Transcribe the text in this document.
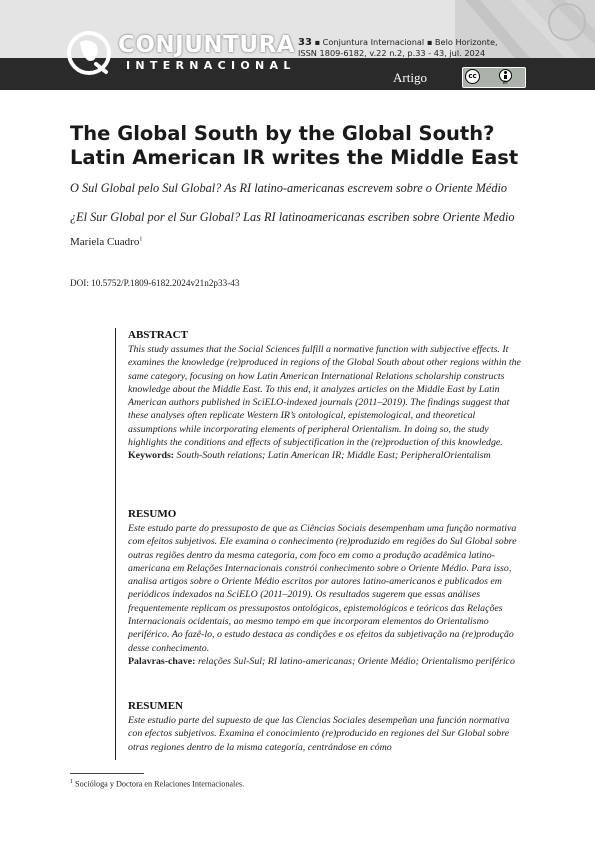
CONJUNTURA
INTERNACIONAL
33 ▪ Conjuntura Internacional ▪ Belo Horizonte,
ISSN 1809-6182, v.22 n.2, p.33 - 43, jul. 2024
Artigo	cc
BY
The Global South by the Global South? Latin American IR writes the Middle East
O Sul Global pelo Sul Global? As RI latino-americanas escrevem sobre o Oriente Médio
¿El Sur Global por el Sur Global? Las RI latinoamericanas escriben sobre Oriente Medio
Mariela Cuadro$^1$
DOI: 10.5752/P.1809-6182.2024v21n2p33-43
ABSTRACT

This study assumes that the Social Sciences fulfill a normative function with subjective effects. It examines the knowledge (re)produced in regions of the Global South about other regions within the same category, focusing on how Latin American International Relations scholarship constructs knowledge about the Middle East. To this end, it analyzes articles on the Middle East by Latin American authors published in SciELO-indexed journals (2011–2019). The findings suggest that these analyses often replicate Western IR’s ontological, epistemological, and theoretical assumptions while incorporating elements of peripheral Orientalism. In doing so, the study highlights the conditions and effects of subjectification in the (re)production of this knowledge.

Keywords: South-South relations; Latin American IR; Middle East; PeripheralOrientalism
RESUMO

Este estudo parte do pressuposto de que as Ciências Sociais desempenham uma função normativa com efeitos subjetivos. Ele examina o conhecimento (re)produzido em regiões do Sul Global sobre outras regiões dentro da mesma categoria, com foco em como a produção acadêmica latino-americana em Relações Internacionais constrói conhecimento sobre o Oriente Médio. Para isso, analisa artigos sobre o Oriente Médio escritos por autores latino-americanos e publicados em periódicos indexados na SciELO (2011–2019). Os resultados sugerem que essas análises frequentemente replicam os pressupostos ontológicos, epistemológicos e teóricos das Relações Internacionais ocidentais, ao mesmo tempo em que incorporam elementos do Orientalismo periférico. Ao fazê-lo, o estudo destaca as condições e os efeitos da subjetivação na (re)produção desse conhecimento.

Palavras-chave: relações Sul-Sul; RI latino-americanas; Oriente Médio; Orientalismo periférico
RESUMEN

Este estudio parte del supuesto de que las Ciencias Sociales desempeñan una función normativa con efectos subjetivos. Examina el conocimiento (re)producido en regiones del Sur Global sobre otras regiones dentro de la misma categoría, centrándose en cómo

$^1$ Socióloga y Doctora en Relaciones Internacionales.
